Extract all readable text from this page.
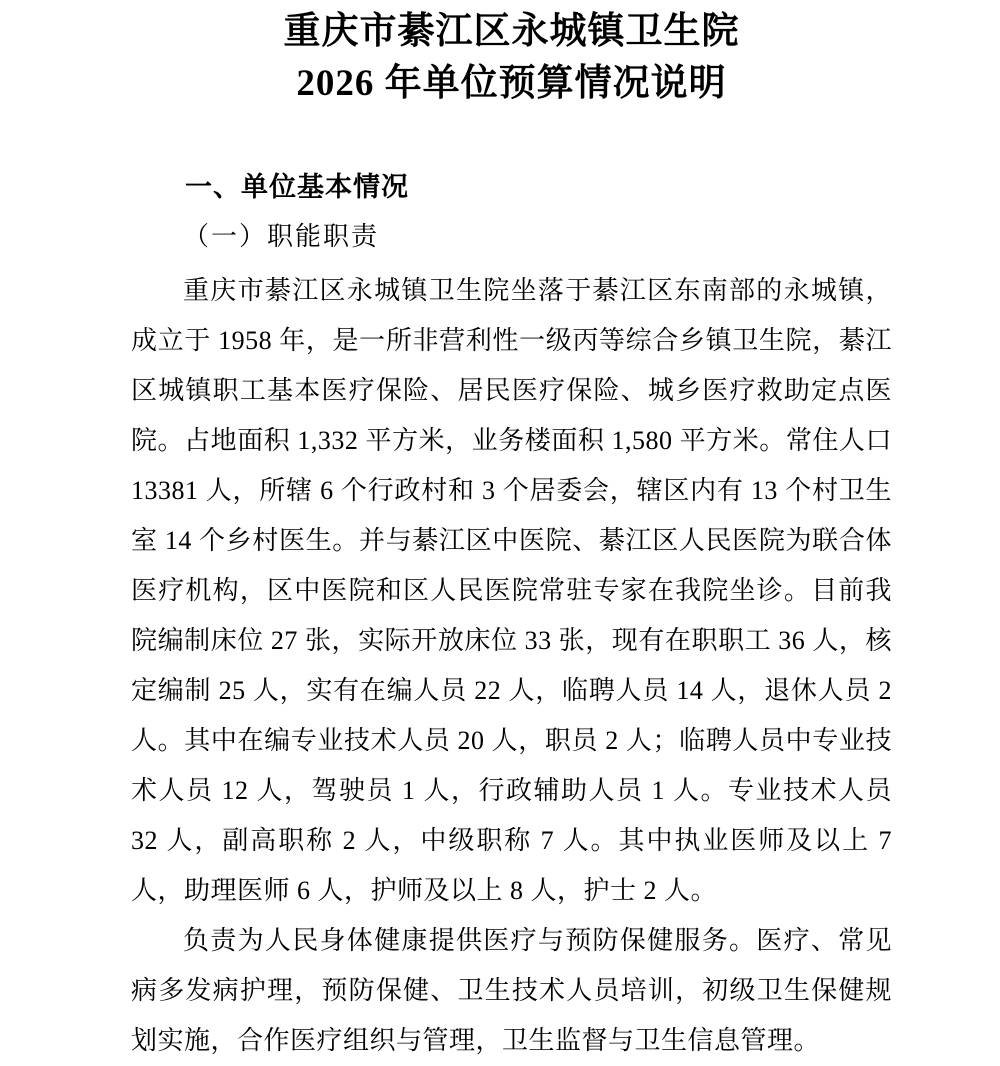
重庆市綦江区永城镇卫生院
2026 年单位预算情况说明
一、单位基本情况
（一）职能职责

重庆市綦江区永城镇卫生院坐落于綦江区东南部的永城镇，成立于 1958 年，是一所非营利性一级丙等综合乡镇卫生院，綦江区城镇职工基本医疗保险、居民医疗保险、城乡医疗救助定点医院。占地面积 1,332 平方米，业务楼面积 1,580 平方米。常住人口 13381 人，所辖 6 个行政村和 3 个居委会，辖区内有 13 个村卫生室 14 个乡村医生。并与綦江区中医院、綦江区人民医院为联合体医疗机构，区中医院和区人民医院常驻专家在我院坐诊。目前我院编制床位 27 张，实际开放床位 33 张，现有在职职工 36 人，核定编制 25 人，实有在编人员 22 人，临聘人员 14 人，退休人员 2 人。其中在编专业技术人员 20 人，职员 2 人；临聘人员中专业技术人员 12 人，驾驶员 1 人，行政辅助人员 1 人。专业技术人员 32 人，副高职称 2 人，中级职称 7 人。其中执业医师及以上 7 人，助理医师 6 人，护师及以上 8 人，护士 2 人。

负责为人民身体健康提供医疗与预防保健服务。医疗、常见病多发病护理，预防保健、卫生技术人员培训，初级卫生保健规划实施，合作医疗组织与管理，卫生监督与卫生信息管理。
